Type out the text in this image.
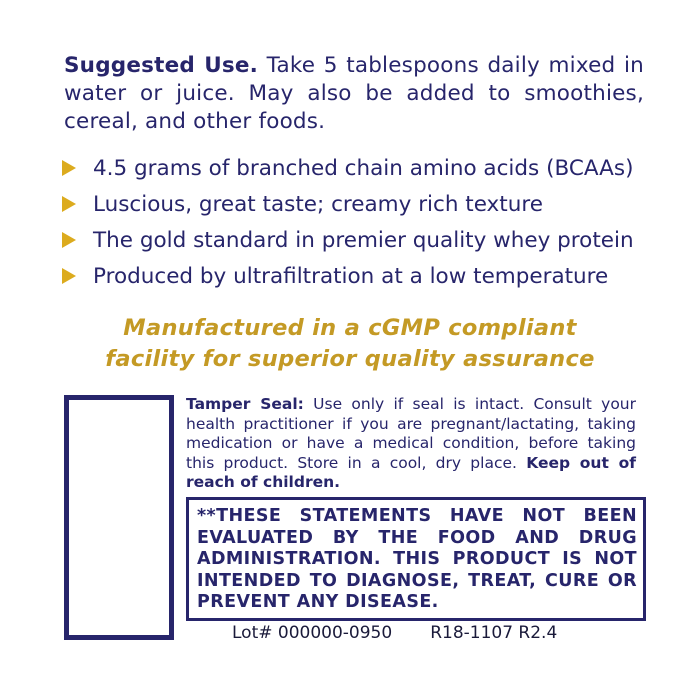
Suggested Use. Take 5 tablespoons daily mixed in water or juice. May also be added to smoothies, cereal, and other foods.
4.5 grams of branched chain amino acids (BCAAs)
Luscious, great taste; creamy rich texture
The gold standard in premier quality whey protein
Produced by ultrafiltration at a low temperature
Manufactured in a cGMP compliant
facility for superior quality assurance
Tamper Seal: Use only if seal is intact. Consult your health practitioner if you are pregnant/lactating, taking medication or have a medical condition, before taking this product. Store in a cool, dry place. Keep out of reach of children.
**THESE STATEMENTS HAVE NOT BEEN EVALUATED BY THE FOOD AND DRUG ADMINISTRATION. THIS PRODUCT IS NOT INTENDED TO DIAGNOSE, TREAT, CURE OR PREVENT ANY DISEASE.
Lot# 000000-0950 R18-1107 R2.4
